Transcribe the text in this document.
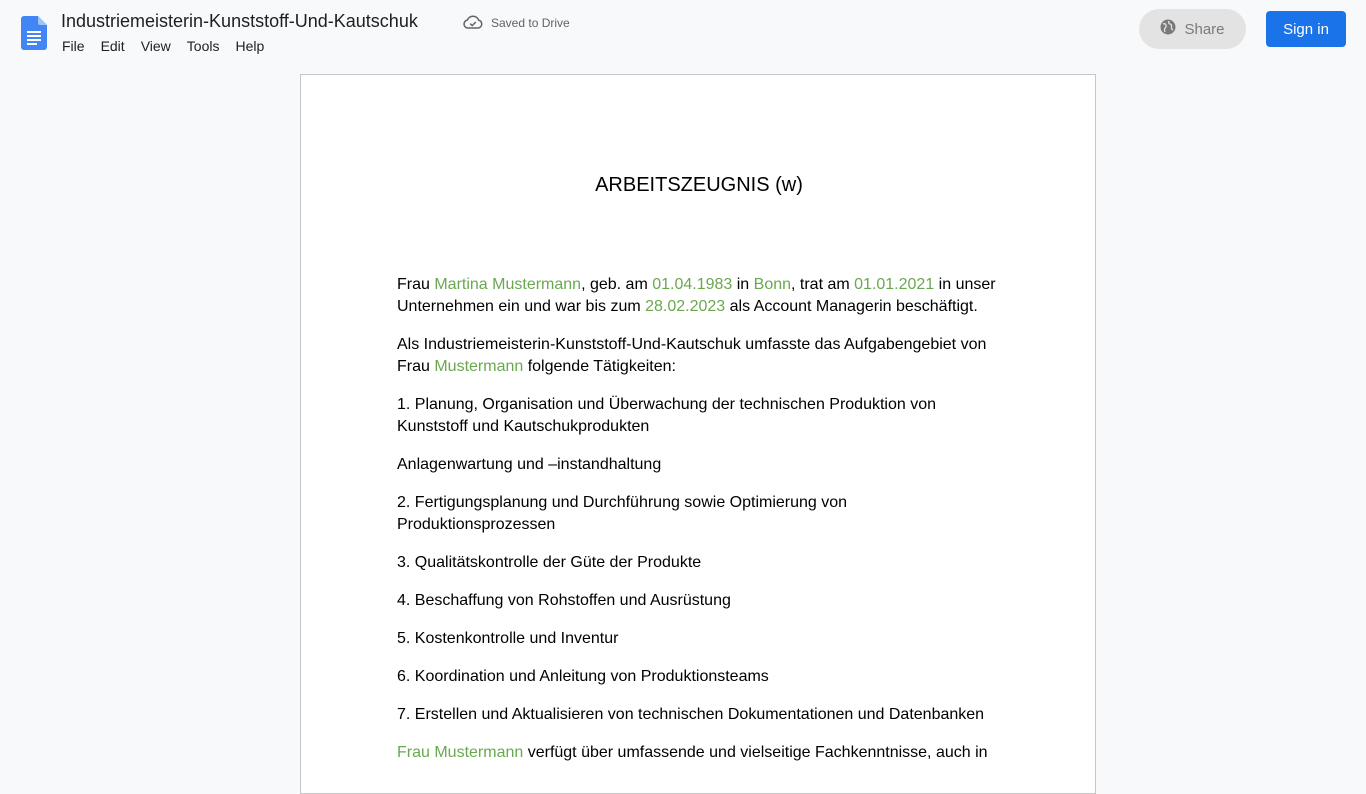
Industriemeisterin-Kunststoff-Und-Kautschuk	Saved to Drive
File	Edit	View	Tools	Help
Share	Sign in
ARBEITSZEUGNIS (w)

Frau Martina Mustermann, geb. am 01.04.1983 in Bonn, trat am 01.01.2021 in unser Unternehmen ein und war bis zum 28.02.2023 als Account Managerin beschäftigt.

Als Industriemeisterin-Kunststoff-Und-Kautschuk umfasste das Aufgabengebiet von Frau Mustermann folgende Tätigkeiten:

1. Planung, Organisation und Überwachung der technischen Produktion von Kunststoff und Kautschukprodukten

Anlagenwartung und –instandhaltung

2. Fertigungsplanung und Durchführung sowie Optimierung von Produktionsprozessen

3. Qualitätskontrolle der Güte der Produkte

4. Beschaffung von Rohstoffen und Ausrüstung

5. Kostenkontrolle und Inventur

6. Koordination und Anleitung von Produktionsteams

7. Erstellen und Aktualisieren von technischen Dokumentationen und Datenbanken

Frau Mustermann verfügt über umfassende und vielseitige Fachkenntnisse, auch in
